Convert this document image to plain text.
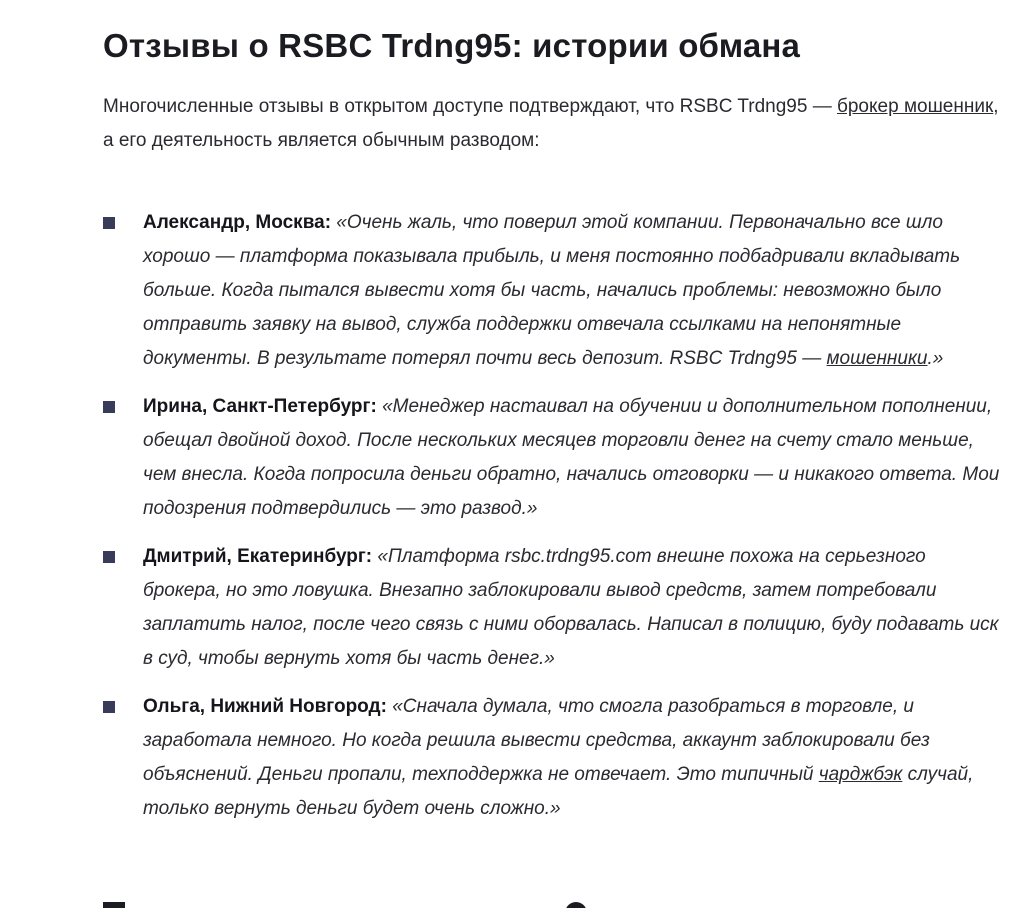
Отзывы о RSBC Trdng95: истории обмана

Многочисленные отзывы в открытом доступе подтверждают, что RSBC Trdng95 — брокер мошенник, а его деятельность является обычным разводом:

Александр, Москва: «Очень жаль, что поверил этой компании. Первоначально все шло хорошо — платформа показывала прибыль, и меня постоянно подбадривали вкладывать больше. Когда пытался вывести хотя бы часть, начались проблемы: невозможно было отправить заявку на вывод, служба поддержки отвечала ссылками на непонятные документы. В результате потерял почти весь депозит. RSBC Trdng95 — мошенники.»
Ирина, Санкт-Петербург: «Менеджер настаивал на обучении и дополнительном пополнении, обещал двойной доход. После нескольких месяцев торговли денег на счету стало меньше, чем внесла. Когда попросила деньги обратно, начались отговорки — и никакого ответа. Мои подозрения подтвердились — это развод.»
Дмитрий, Екатеринбург: «Платформа rsbc.trdng95.com внешне похожа на серьезного брокера, но это ловушка. Внезапно заблокировали вывод средств, затем потребовали заплатить налог, после чего связь с ними оборвалась. Написал в полицию, буду подавать иск в суд, чтобы вернуть хотя бы часть денег.»
Ольга, Нижний Новгород: «Сначала думала, что смогла разобраться в торговле, и заработала немного. Но когда решила вывести средства, аккаунт заблокировали без объяснений. Деньги пропали, техподдержка не отвечает. Это типичный чарджбэк случай, только вернуть деньги будет очень сложно.»
